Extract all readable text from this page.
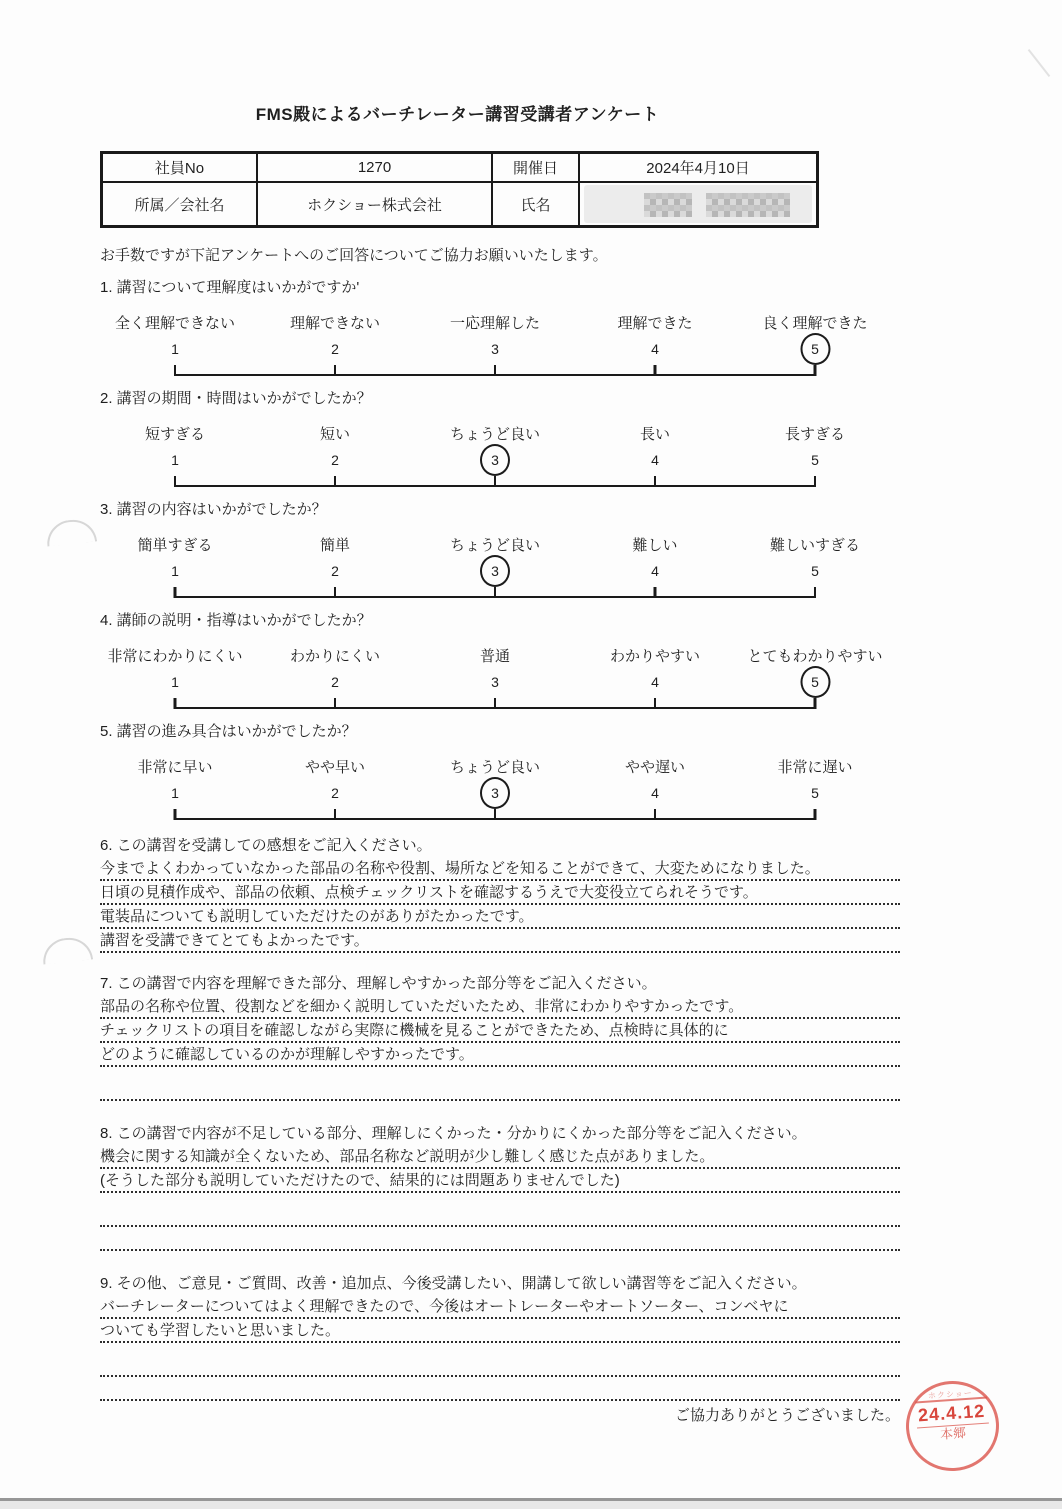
FMS殿によるバーチレーター講習受講者アンケート
社員No	1270	開催日	2024年4月10日
所属／会社名	ホクショー株式会社	氏名	
お手数ですが下記アンケートへのご回答についてご協力お願いいたします。
1. 講習について理解度はいかがですか'
全く理解できない
1
理解できない
2
一応理解した
3
理解できた
4
良く理解できた
5
2. 講習の期間・時間はいかがでしたか？
短すぎる
1
短い
2
ちょうど良い
3
長い
4
長すぎる
5
3. 講習の内容はいかがでしたか？
簡単すぎる
1
簡単
2
ちょうど良い
3
難しい
4
難しいすぎる
5
4. 講師の説明・指導はいかがでしたか？
非常にわかりにくい
1
わかりにくい
2
普通
3
わかりやすい
4
とてもわかりやすい
5
5. 講習の進み具合はいかがでしたか？
非常に早い
1
やや早い
2
ちょうど良い
3
やや遅い
4
非常に遅い
5
6. この講習を受講しての感想をご記入ください。
今までよくわかっていなかった部品の名称や役割、場所などを知ることができて、大変ためになりました。
日頃の見積作成や、部品の依頼、点検チェックリストを確認するうえで大変役立てられそうです。
電装品についても説明していただけたのがありがたかったです。
講習を受講できてとてもよかったです。
7. この講習で内容を理解できた部分、理解しやすかった部分等をご記入ください。
部品の名称や位置、役割などを細かく説明していただいたため、非常にわかりやすかったです。
チェックリストの項目を確認しながら実際に機械を見ることができたため、点検時に具体的に
どのように確認しているのかが理解しやすかったです。
8. この講習で内容が不足している部分、理解しにくかった・分かりにくかった部分等をご記入ください。
機会に関する知識が全くないため、部品名称など説明が少し難しく感じた点がありました。
(そうした部分も説明していただけたので、結果的には問題ありませんでした)
9. その他、ご意見・ご質問、改善・追加点、今後受講したい、開講して欲しい講習等をご記入ください。
バーチレーターについてはよく理解できたので、今後はオートレーターやオートソーター、コンベヤに
ついても学習したいと思いました。
ご協力ありがとうございました。
ホクショー
24.4.12
本郷
